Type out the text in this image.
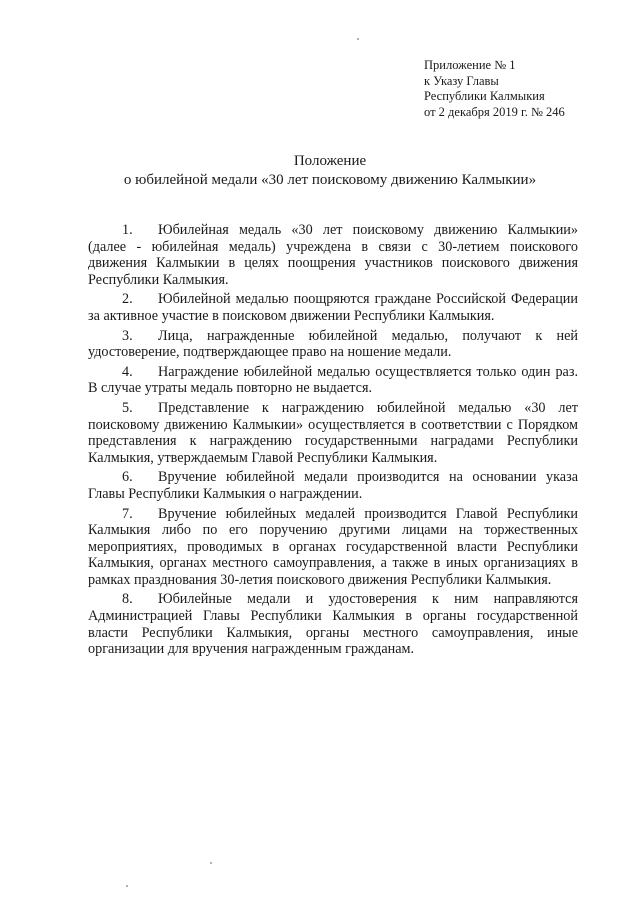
Приложение № 1
к Указу Главы
Республики Калмыкия
от 2 декабря 2019 г. № 246
Положение
о юбилейной медали «30 лет поисковому движению Калмыкии»

1. Юбилейная медаль «30 лет поисковому движению Калмыкии» (далее - юбилейная медаль) учреждена в связи с 30-летием поискового движения Калмыкии в целях поощрения участников поискового движения Республики Калмыкия.

2. Юбилейной медалью поощряются граждане Российской Федерации за активное участие в поисковом движении Республики Калмыкия.

3. Лица, награжденные юбилейной медалью, получают к ней удостоверение, подтверждающее право на ношение медали.

4. Награждение юбилейной медалью осуществляется только один раз. В случае утраты медаль повторно не выдается.

5. Представление к награждению юбилейной медалью «30 лет поисковому движению Калмыкии» осуществляется в соответствии с Порядком представления к награждению государственными наградами Республики Калмыкия, утверждаемым Главой Республики Калмыкия.

6. Вручение юбилейной медали производится на основании указа Главы Республики Калмыкия о награждении.

7. Вручение юбилейных медалей производится Главой Республики Калмыкия либо по его поручению другими лицами на торжественных мероприятиях, проводимых в органах государственной власти Республики Калмыкия, органах местного самоуправления, а также в иных организациях в рамках празднования 30-летия поискового движения Республики Калмыкия.

8. Юбилейные медали и удостоверения к ним направляются Администрацией Главы Республики Калмыкия в органы государственной власти Республики Калмыкия, органы местного самоуправления, иные организации для вручения награжденным гражданам.
